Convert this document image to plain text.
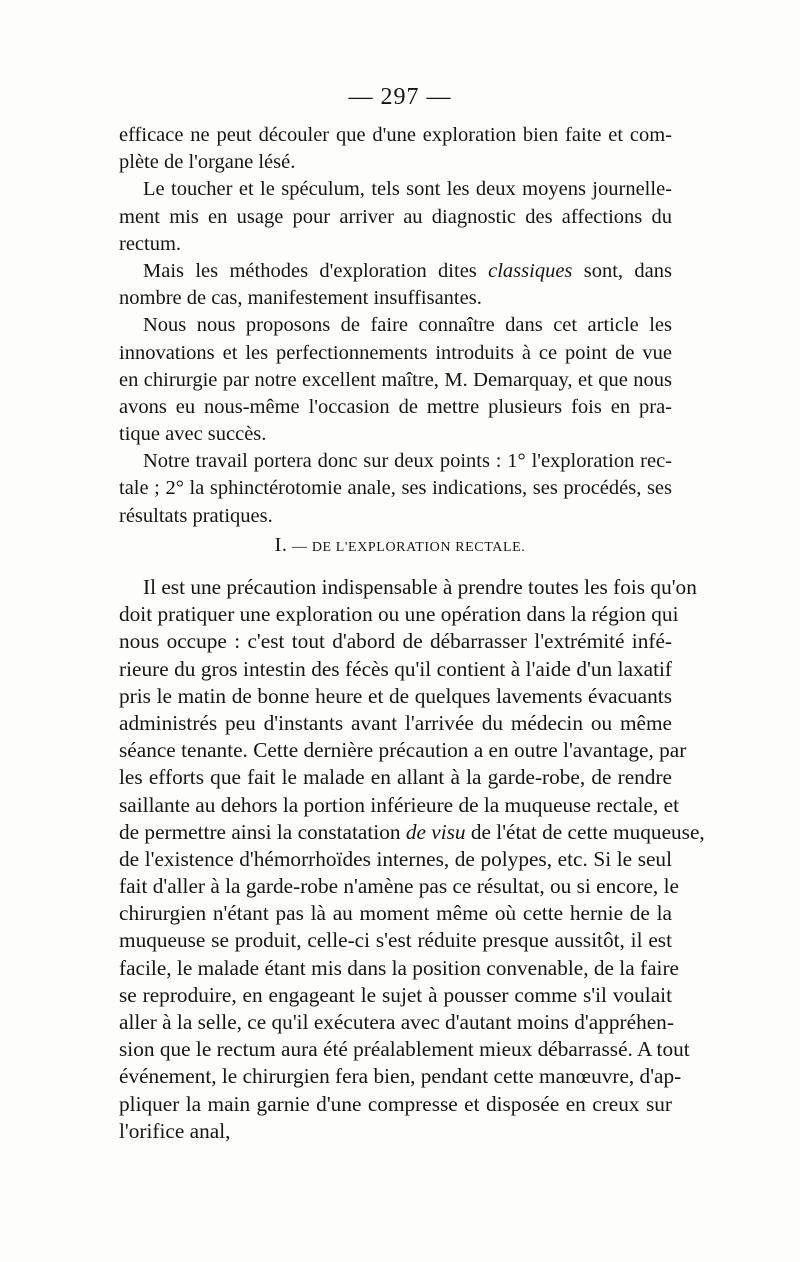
— 297 —
efficace ne peut découler que d'une exploration bien faite et com-
plète de l'organe lésé.
Le toucher et le spéculum, tels sont les deux moyens journelle-
ment mis en usage pour arriver au diagnostic des affections du
rectum.
Mais les méthodes d'exploration dites classiques sont, dans
nombre de cas, manifestement insuffisantes.
Nous nous proposons de faire connaître dans cet article les
innovations et les perfectionnements introduits à ce point de vue
en chirurgie par notre excellent maître, M. Demarquay, et que nous
avons eu nous-même l'occasion de mettre plusieurs fois en pra-
tique avec succès.
Notre travail portera donc sur deux points : 1° l'exploration rec-
tale ; 2° la sphinctérotomie anale, ses indications, ses procédés, ses
résultats pratiques.
I. — DE L'EXPLORATION RECTALE.
Il est une précaution indispensable à prendre toutes les fois qu'on
doit pratiquer une exploration ou une opération dans la région qui
nous occupe : c'est tout d'abord de débarrasser l'extrémité infé-
rieure du gros intestin des fécès qu'il contient à l'aide d'un laxatif
pris le matin de bonne heure et de quelques lavements évacuants
administrés peu d'instants avant l'arrivée du médecin ou même
séance tenante. Cette dernière précaution a en outre l'avantage, par
les efforts que fait le malade en allant à la garde-robe, de rendre
saillante au dehors la portion inférieure de la muqueuse rectale, et
de permettre ainsi la constatation de visu de l'état de cette muqueuse,
de l'existence d'hémorrhoïdes internes, de polypes, etc. Si le seul
fait d'aller à la garde-robe n'amène pas ce résultat, ou si encore, le
chirurgien n'étant pas là au moment même où cette hernie de la
muqueuse se produit, celle-ci s'est réduite presque aussitôt, il est
facile, le malade étant mis dans la position convenable, de la faire
se reproduire, en engageant le sujet à pousser comme s'il voulait
aller à la selle, ce qu'il exécutera avec d'autant moins d'appréhen-
sion que le rectum aura été préalablement mieux débarrassé. A tout
événement, le chirurgien fera bien, pendant cette manœuvre, d'ap-
pliquer la main garnie d'une compresse et disposée en creux sur
l'orifice anal,
